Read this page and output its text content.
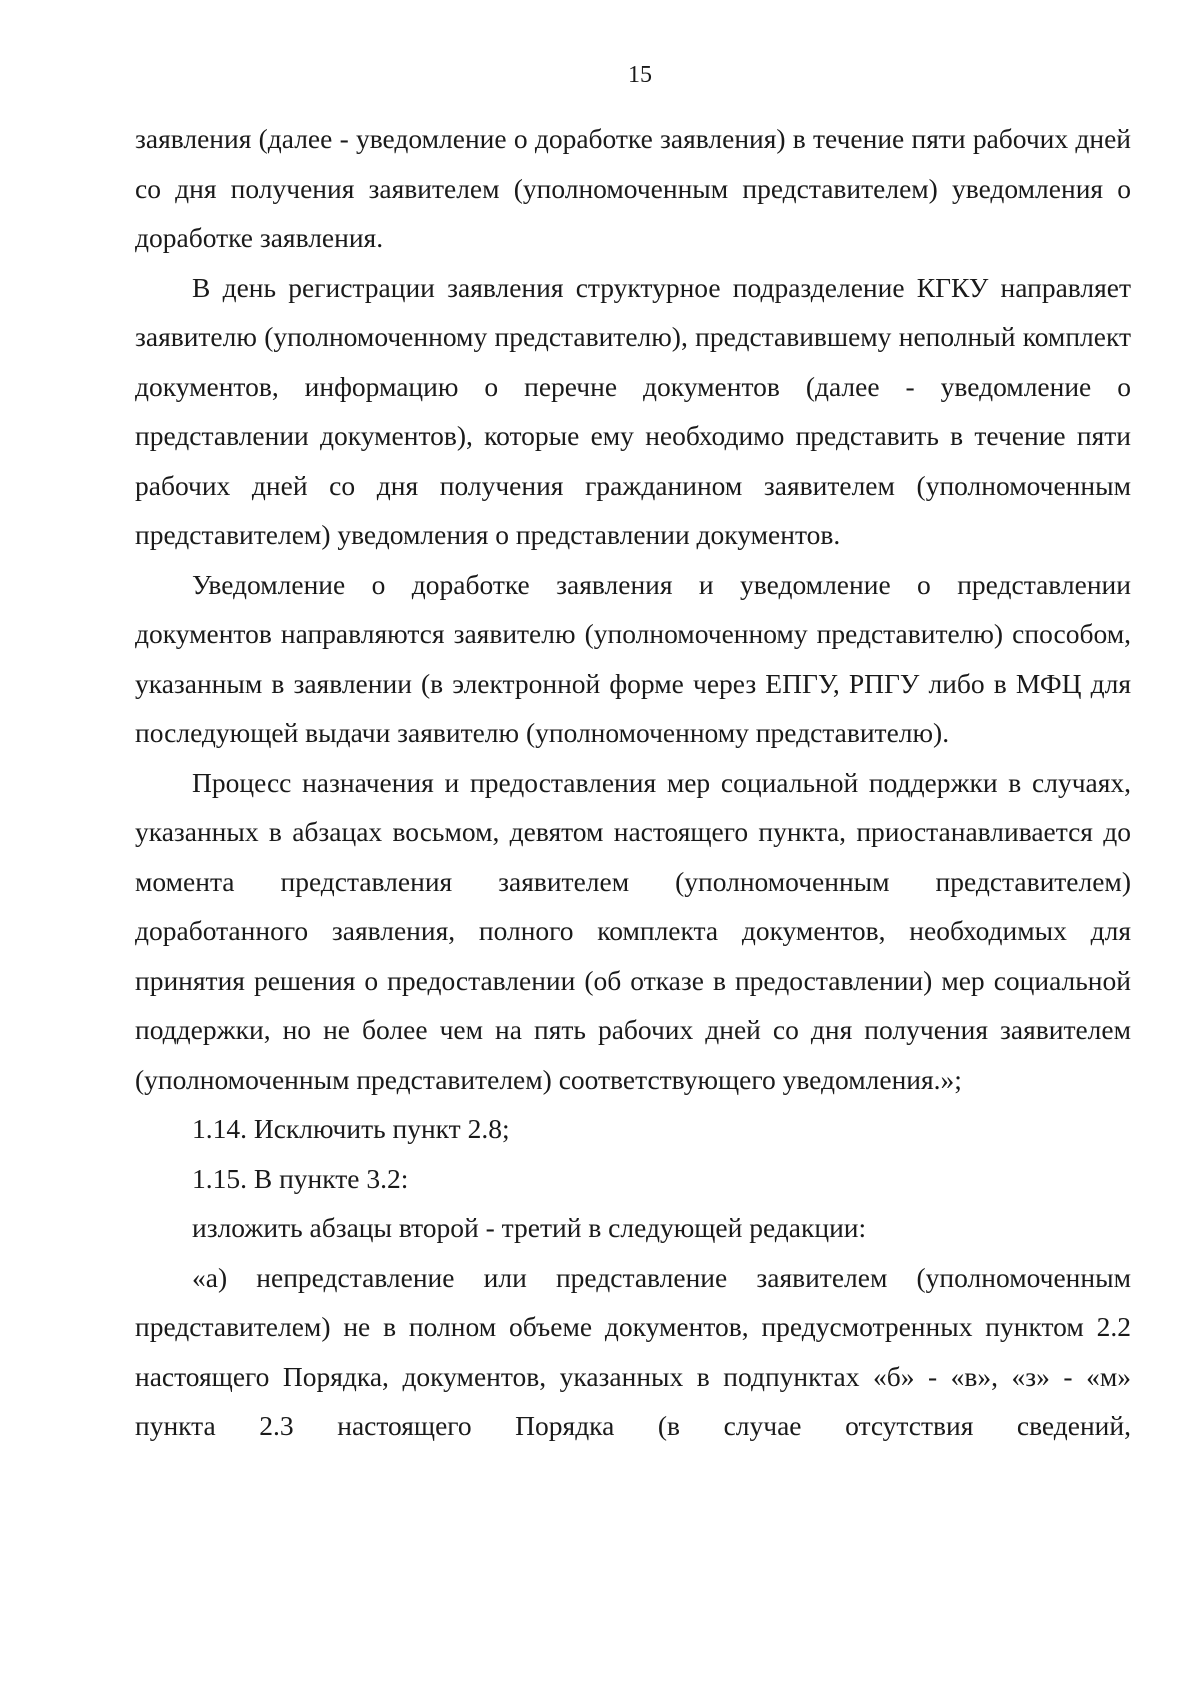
15

заявления (далее - уведомление о доработке заявления) в течение пяти рабочих дней со дня получения заявителем (уполномоченным представителем) уведомления о доработке заявления.

В день регистрации заявления структурное подразделение КГКУ направляет заявителю (уполномоченному представителю), представившему неполный комплект документов, информацию о перечне документов (далее - уведомление о представлении документов), которые ему необходимо представить в течение пяти рабочих дней со дня получения гражданином заявителем (уполномоченным представителем) уведомления о представлении документов.

Уведомление о доработке заявления и уведомление о представлении документов направляются заявителю (уполномоченному представителю) способом, указанным в заявлении (в электронной форме через ЕПГУ, РПГУ либо в МФЦ для последующей выдачи заявителю (уполномоченному представителю).

Процесс назначения и предоставления мер социальной поддержки в случаях, указанных в абзацах восьмом, девятом настоящего пункта, приостанавливается до момента представления заявителем (уполномоченным представителем) доработанного заявления, полного комплекта документов, необходимых для принятия решения о предоставлении (об отказе в предоставлении) мер социальной поддержки, но не более чем на пять рабочих дней со дня получения заявителем (уполномоченным представителем) соответствующего уведомления.»;

1.14. Исключить пункт 2.8;

1.15. В пункте 3.2:

изложить абзацы второй - третий в следующей редакции:

«а) непредставление или представление заявителем (уполномоченным представителем) не в полном объеме документов, предусмотренных пунктом 2.2 настоящего Порядка, документов, указанных в подпунктах «б» - «в», «з» - «м» пункта 2.3 настоящего Порядка (в случае отсутствия сведений,
